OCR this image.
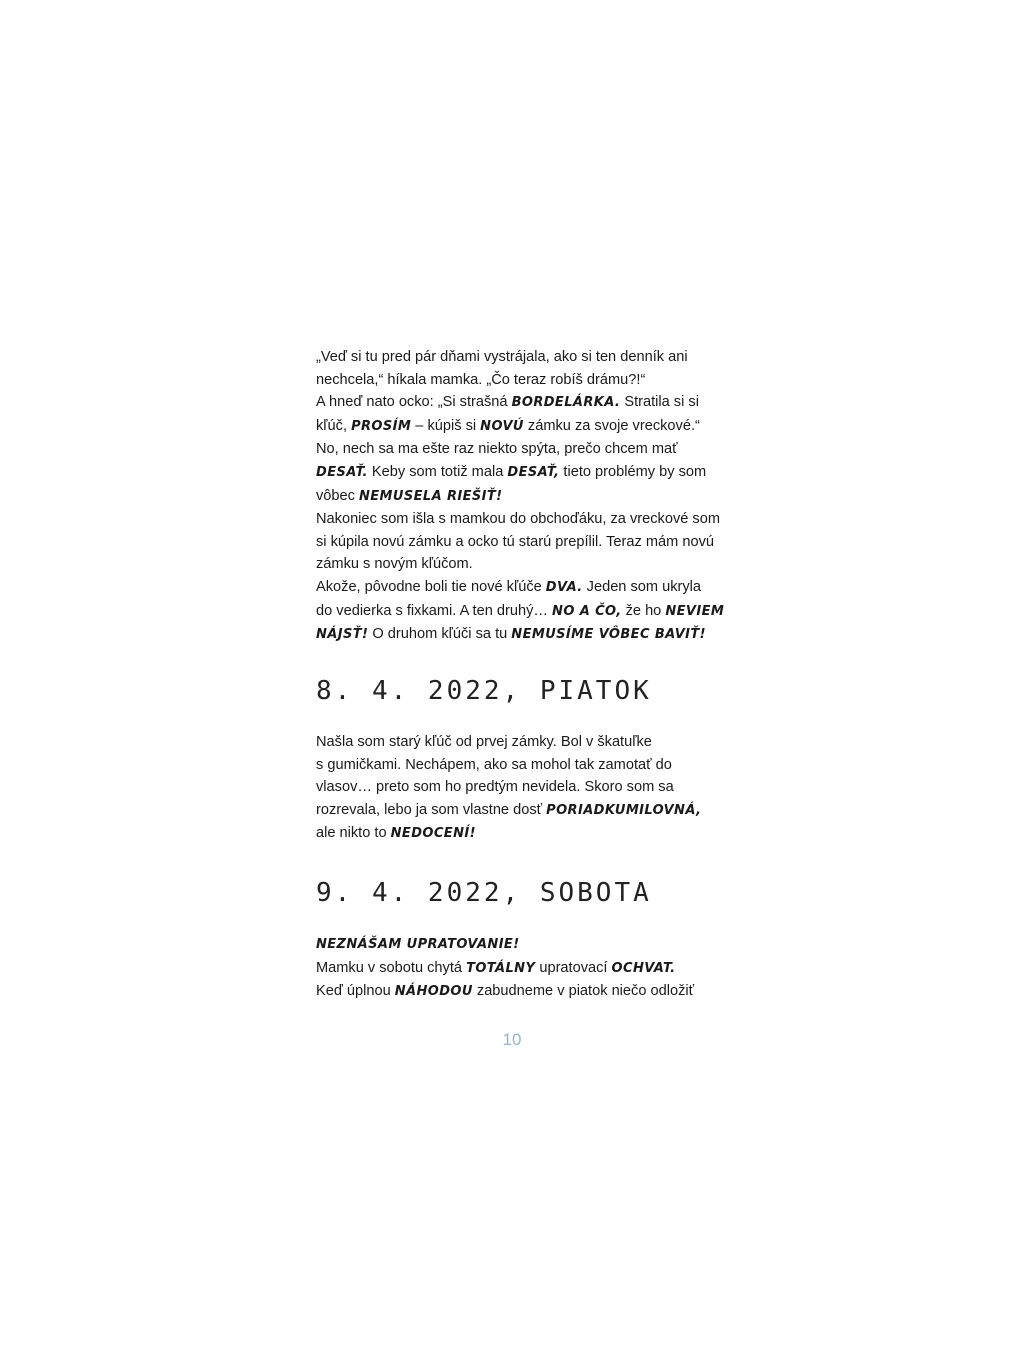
„Veď si tu pred pár dňami vystrájala, ako si ten denník ani
nechcela,“ híkala mamka. „Čo teraz robíš drámu?!“
A hneď nato ocko: „Si strašná BORDELÁRKA. Stratila si si
kľúč, PROSÍM – kúpiš si NOVÚ zámku za svoje vreckové.“
No, nech sa ma ešte raz niekto spýta, prečo chcem mať
DESAŤ. Keby som totiž mala DESAŤ, tieto problémy by som
vôbec NEMUSELA RIEŠIŤ!
Nakoniec som išla s mamkou do obchoďáku, za vreckové som
si kúpila novú zámku a ocko tú starú prepílil. Teraz mám novú
zámku s novým kľúčom.
Akože, pôvodne boli tie nové kľúče DVA. Jeden som ukryla
do vedierka s fixkami. A ten druhý… NO A ČO, že ho NEVIEM
NÁJSŤ! O druhom kľúči sa tu NEMUSÍME VÔBEC BAVIŤ!
8. 4. 2022, PIATOK
Našla som starý kľúč od prvej zámky. Bol v škatuľke
s gumičkami. Nechápem, ako sa mohol tak zamotať do
vlasov… preto som ho predtým nevidela. Skoro som sa
rozrevala, lebo ja som vlastne dosť PORIADKUMILOVNÁ,
ale nikto to NEDOCENÍ!
9. 4. 2022, SOBOTA
NEZNÁŠAM UPRATOVANIE!
Mamku v sobotu chytá TOTÁLNY upratovací OCHVAT.
Keď úplnou NÁHODOU zabudneme v piatok niečo odložiť
10
